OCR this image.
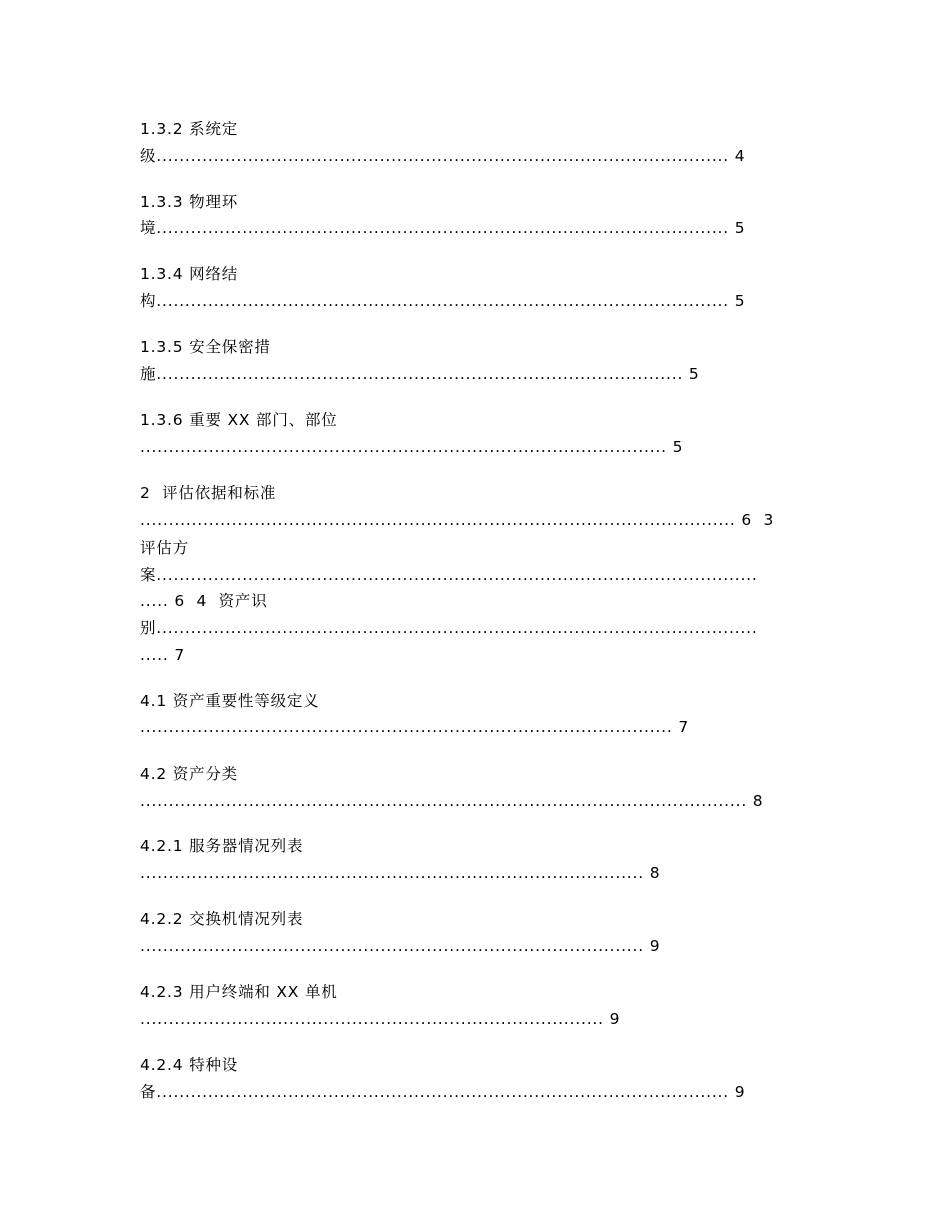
1.3.2 系统定
级.................................................................................................... 4
1.3.3 物理环
境.................................................................................................... 5
1.3.4 网络结
构.................................................................................................... 5
1.3.5 安全保密措
施............................................................................................ 5
1.3.6 重要 XX 部门、部位
............................................................................................ 5
2  评估依据和标准
........................................................................................................ 6  3
评估方
案.........................................................................................................
..... 6  4  资产识
别.........................................................................................................
..... 7
4.1 资产重要性等级定义
............................................................................................. 7
4.2 资产分类
.......................................................................................................... 8
4.2.1 服务器情况列表
........................................................................................ 8
4.2.2 交换机情况列表
........................................................................................ 9
4.2.3 用户终端和 XX 单机
................................................................................. 9
4.2.4 特种设
备.................................................................................................... 9
